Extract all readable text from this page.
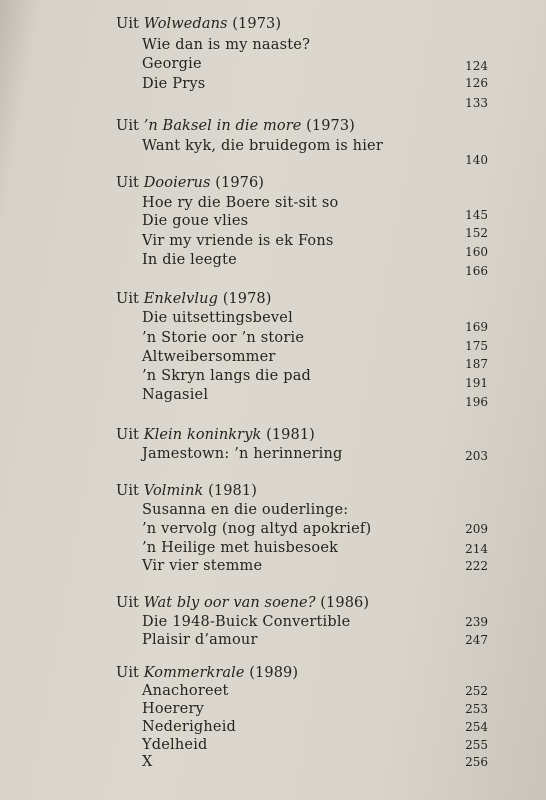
Uit Wolwedans (1973)
Wie dan is my naaste?
Georgie
Die Prys
124
126
133
Uit ’n Baksel in die more (1973)
Want kyk, die bruidegom is hier
140
Uit Dooierus (1976)
Hoe ry die Boere sit-sit so
Die goue vlies
Vir my vriende is ek Fons
In die leegte
145
152
160
166
Uit Enkelvlug (1978)
Die uitsettingsbevel
’n Storie oor ’n storie
Altweibersommer
’n Skryn langs die pad
Nagasiel
169
175
187
191
196
Uit Klein koninkryk (1981)
Jamestown: ’n herinnering	203
Uit Volmink (1981)
Susanna en die ouderlinge:
’n vervolg (nog altyd apokrief)
’n Heilige met huisbesoek
Vir vier stemme
209
214
222
Uit Wat bly oor van soene? (1986)
Die 1948-Buick Convertible
Plaisir d’amour
239
247
Uit Kommerkrale (1989)
Anachoreet
Hoerery
Nederigheid
Ydelheid
X
252
253
254
255
256
